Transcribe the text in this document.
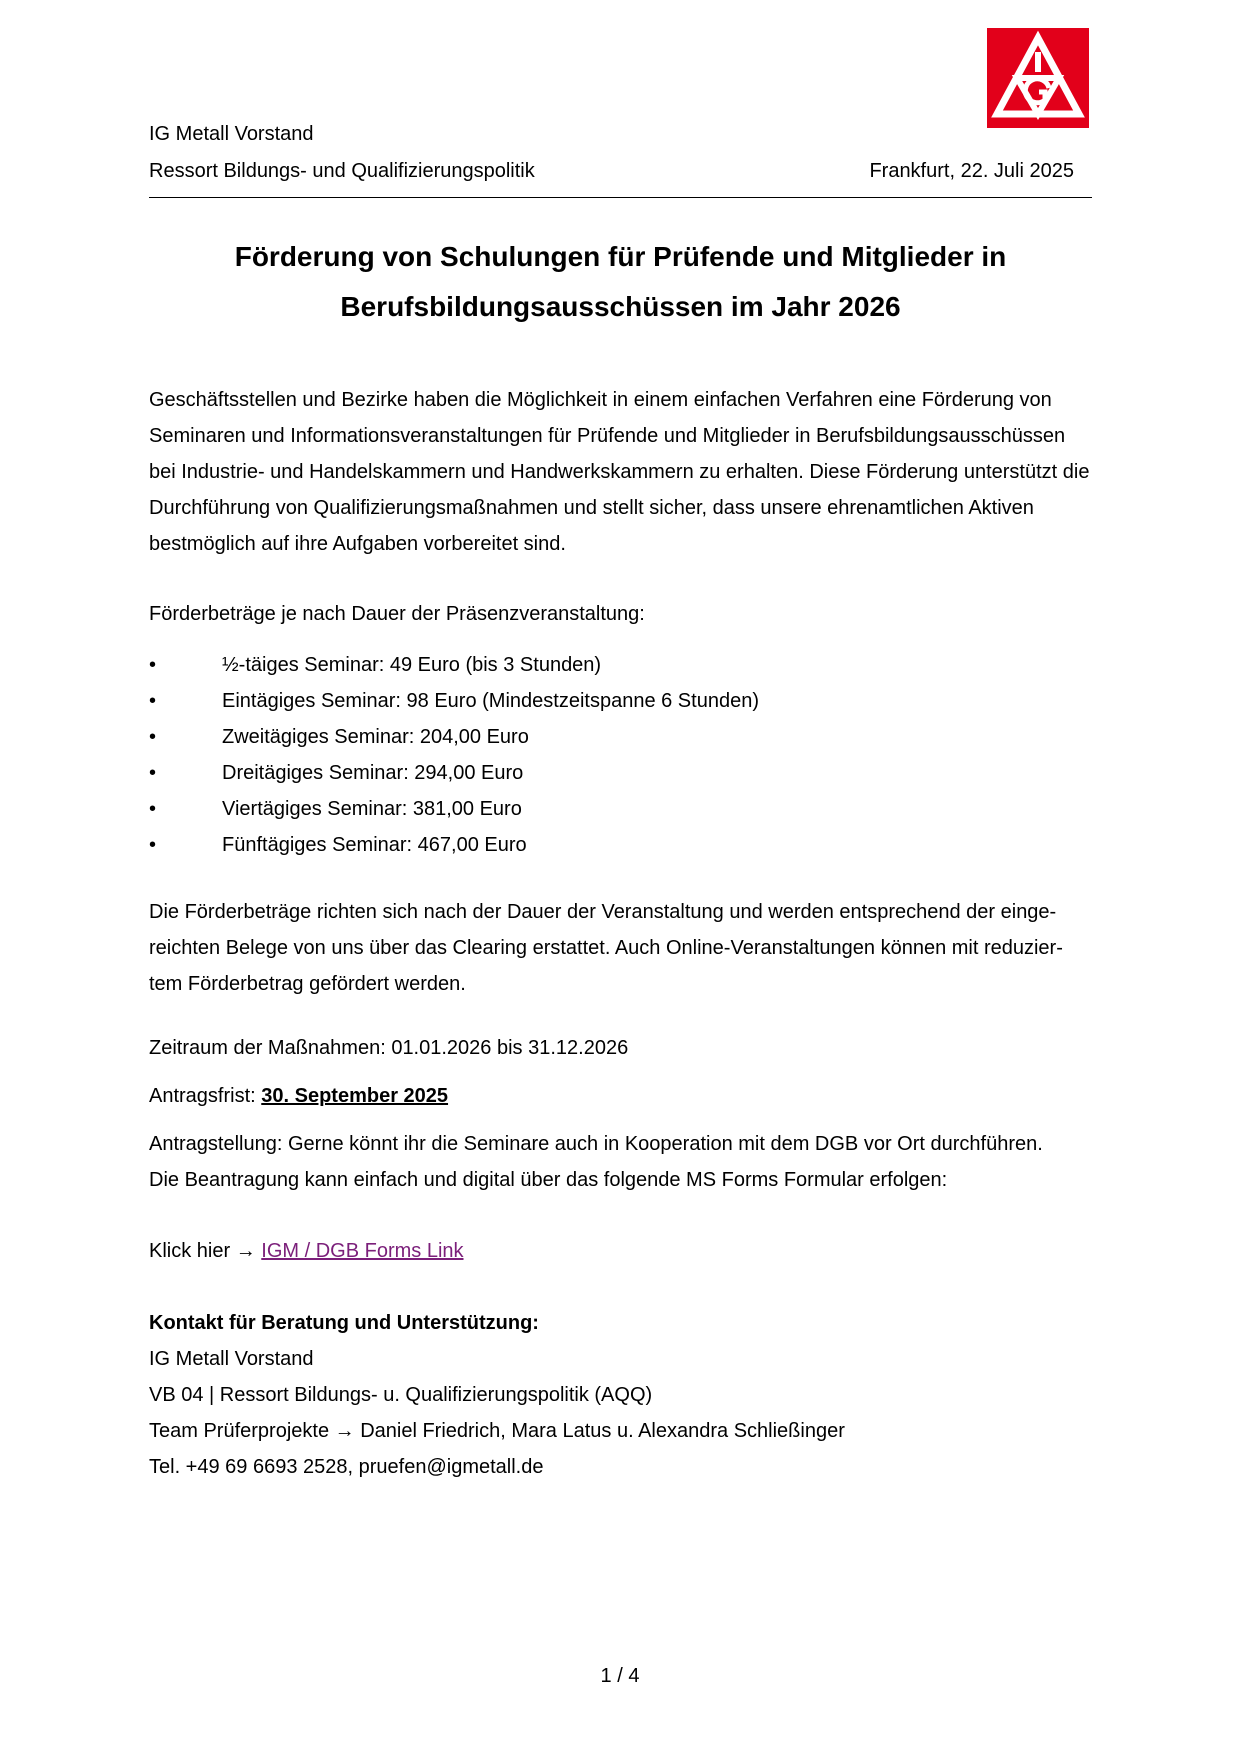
IG Metall Vorstand
Ressort Bildungs- und Qualifizierungspolitik	Frankfurt, 22. Juli 2025
Förderung von Schulungen für Prüfende und Mitglieder in
Berufsbildungsausschüssen im Jahr 2026
Geschäftsstellen und Bezirke haben die Möglichkeit in einem einfachen Verfahren eine Förderung von Seminaren und Informationsveranstaltungen für Prüfende und Mitglieder in Berufsbildungsausschüssen bei Industrie- und Handelskammern und Handwerkskammern zu erhalten. Diese Förderung unterstützt die Durchführung von Qualifizierungsmaßnahmen und stellt sicher, dass unsere ehrenamtlichen Aktiven bestmöglich auf ihre Aufgaben vorbereitet sind.
Förderbeträge je nach Dauer der Präsenzveranstaltung:
•	½-täiges Seminar: 49 Euro (bis 3 Stunden)
•	Eintägiges Seminar: 98 Euro (Mindestzeitspanne 6 Stunden)
•	Zweitägiges Seminar: 204,00 Euro
•	Dreitägiges Seminar: 294,00 Euro
•	Viertägiges Seminar: 381,00 Euro
•	Fünftägiges Seminar: 467,00 Euro
Die Förderbeträge richten sich nach der Dauer der Veranstaltung und werden entsprechend der einge-
reichten Belege von uns über das Clearing erstattet. Auch Online-Veranstaltungen können mit reduzier-
tem Förderbetrag gefördert werden.
Zeitraum der Maßnahmen: 01.01.2026 bis 31.12.2026
Antragsfrist: 30. September 2025
Antragstellung: Gerne könnt ihr die Seminare auch in Kooperation mit dem DGB vor Ort durchführen.
Die Beantragung kann einfach und digital über das folgende MS Forms Formular erfolgen:
Klick hier → IGM / DGB Forms Link
Kontakt für Beratung und Unterstützung:
IG Metall Vorstand
VB 04 | Ressort Bildungs- u. Qualifizierungspolitik (AQQ)
Team Prüferprojekte → Daniel Friedrich, Mara Latus u. Alexandra Schließinger
Tel. +49 69 6693 2528, pruefen@igmetall.de
1 / 4
